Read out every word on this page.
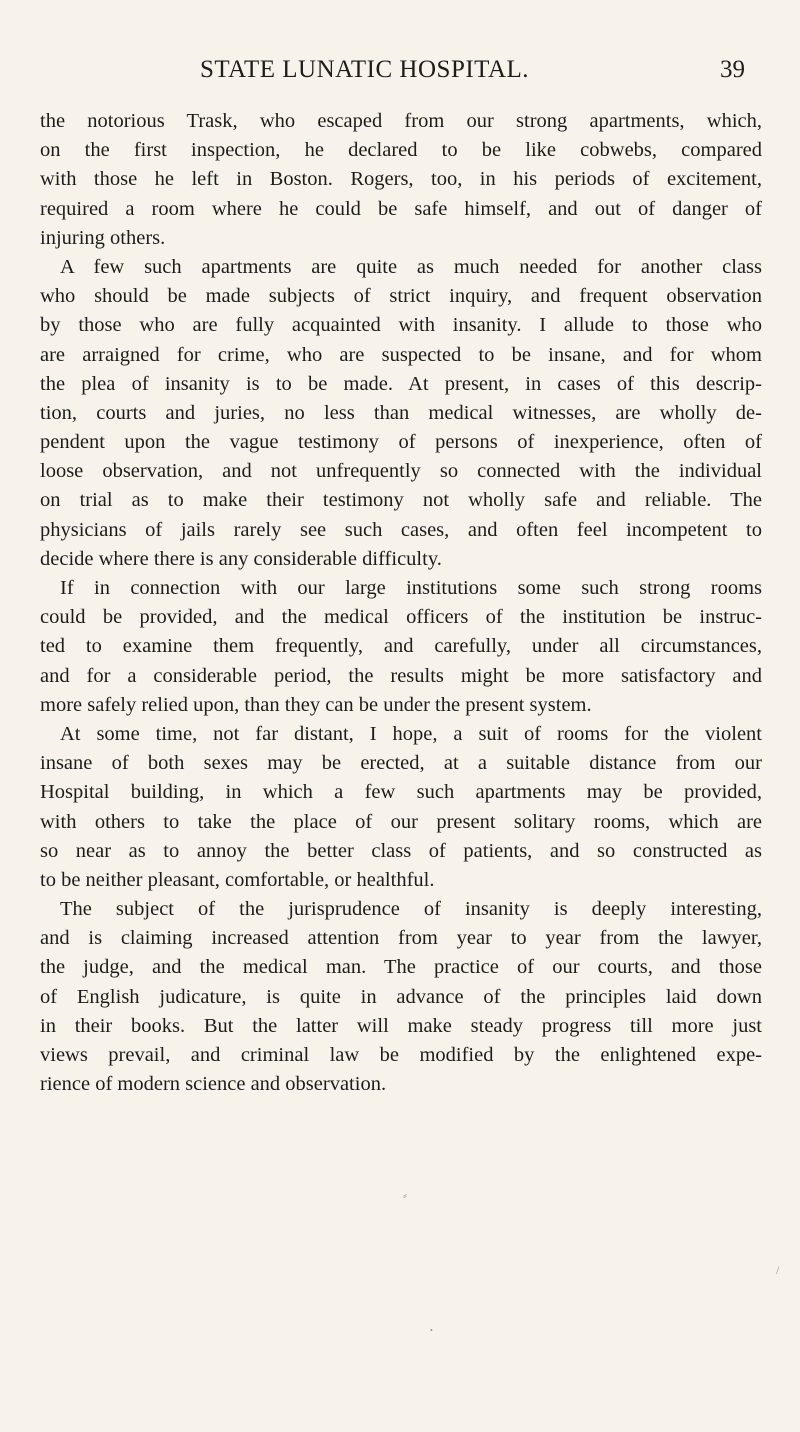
STATE LUNATIC HOSPITAL.	39
the notorious Trask, who escaped from our strong apartments, which,
on the first inspection, he declared to be like cobwebs, compared
with those he left in Boston. Rogers, too, in his periods of excitement,
required a room where he could be safe himself, and out of danger of
injuring others.
A few such apartments are quite as much needed for another class
who should be made subjects of strict inquiry, and frequent observation
by those who are fully acquainted with insanity. I allude to those who
are arraigned for crime, who are suspected to be insane, and for whom
the plea of insanity is to be made. At present, in cases of this descrip-
tion, courts and juries, no less than medical witnesses, are wholly de-
pendent upon the vague testimony of persons of inexperience, often of
loose observation, and not unfrequently so connected with the individual
on trial as to make their testimony not wholly safe and reliable. The
physicians of jails rarely see such cases, and often feel incompetent to
decide where there is any considerable difficulty.
If in connection with our large institutions some such strong rooms
could be provided, and the medical officers of the institution be instruc-
ted to examine them frequently, and carefully, under all circumstances,
and for a considerable period, the results might be more satisfactory and
more safely relied upon, than they can be under the present system.
At some time, not far distant, I hope, a suit of rooms for the violent
insane of both sexes may be erected, at a suitable distance from our
Hospital building, in which a few such apartments may be provided,
with others to take the place of our present solitary rooms, which are
so near as to annoy the better class of patients, and so constructed as
to be neither pleasant, comfortable, or healthful.
The subject of the jurisprudence of insanity is deeply interesting,
and is claiming increased attention from year to year from the lawyer,
the judge, and the medical man. The practice of our courts, and those
of English judicature, is quite in advance of the principles laid down
in their books. But the latter will make steady progress till more just
views prevail, and criminal law be modified by the enlightened expe-
rience of modern science and observation.
⸗
/
•
